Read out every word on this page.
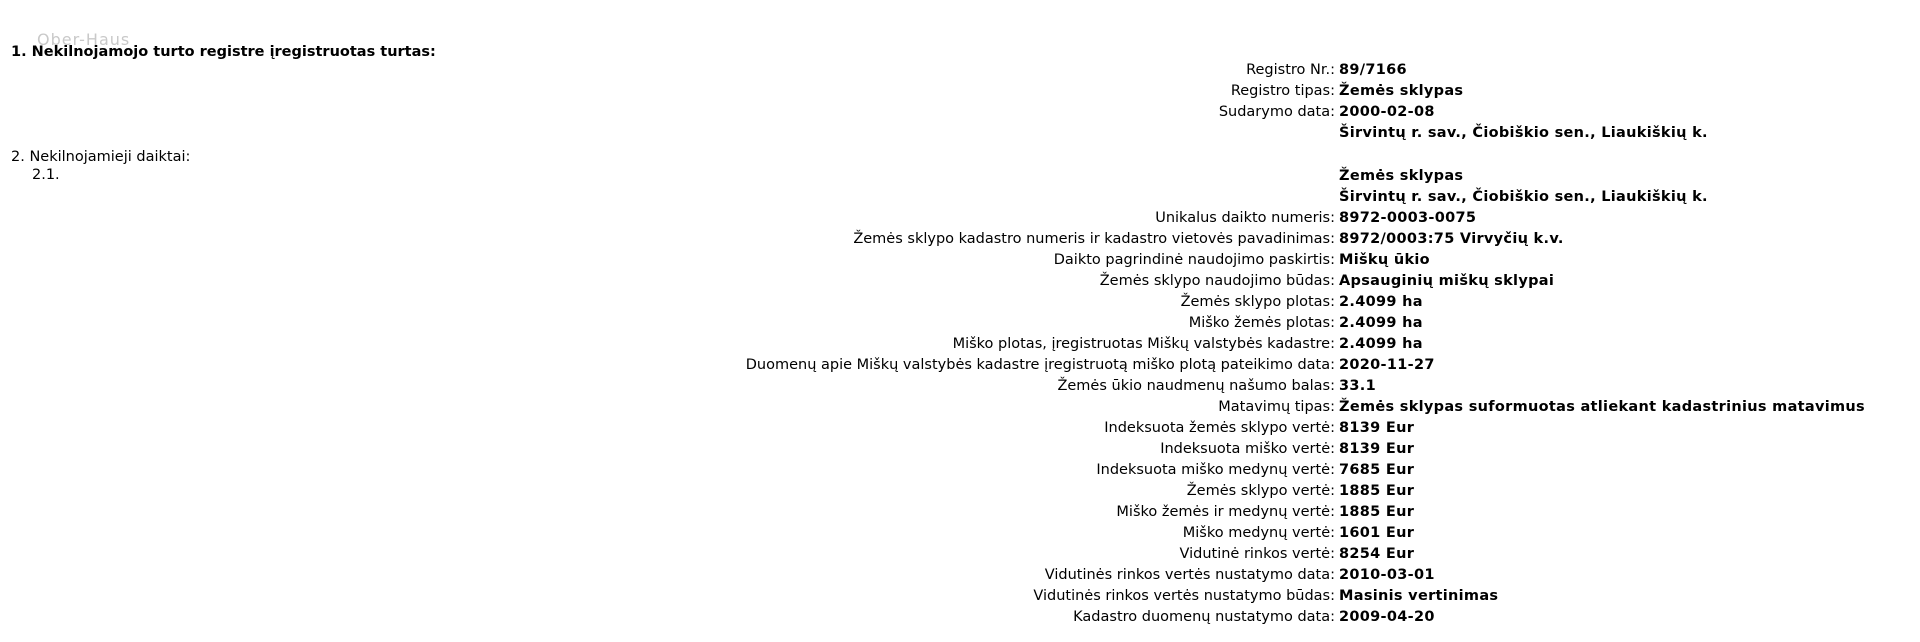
Ober-Haus
1. Nekilnojamojo turto registre įregistruotas turtas:
Registro Nr.: 89/7166
Registro tipas: Žemės sklypas
Sudarymo data: 2000-02-08
Širvintų r. sav., Čiobiškio sen., Liaukiškių k.
2. Nekilnojamieji daiktai:
2.1.	Žemės sklypas
Širvintų r. sav., Čiobiškio sen., Liaukiškių k.
Unikalus daikto numeris: 8972-0003-0075
Žemės sklypo kadastro numeris ir kadastro vietovės pavadinimas: 8972/0003:75 Virvyčių k.v.
Daikto pagrindinė naudojimo paskirtis: Miškų ūkio
Žemės sklypo naudojimo būdas: Apsauginių miškų sklypai
Žemės sklypo plotas: 2.4099 ha
Miško žemės plotas: 2.4099 ha
Miško plotas, įregistruotas Miškų valstybės kadastre: 2.4099 ha
Duomenų apie Miškų valstybės kadastre įregistruotą miško plotą pateikimo data: 2020-11-27
Žemės ūkio naudmenų našumo balas: 33.1
Matavimų tipas: Žemės sklypas suformuotas atliekant kadastrinius matavimus
Indeksuota žemės sklypo vertė: 8139 Eur
Indeksuota miško vertė: 8139 Eur
Indeksuota miško medynų vertė: 7685 Eur
Žemės sklypo vertė: 1885 Eur
Miško žemės ir medynų vertė: 1885 Eur
Miško medynų vertė: 1601 Eur
Vidutinė rinkos vertė: 8254 Eur
Vidutinės rinkos vertės nustatymo data: 2010-03-01
Vidutinės rinkos vertės nustatymo būdas: Masinis vertinimas
Kadastro duomenų nustatymo data: 2009-04-20
